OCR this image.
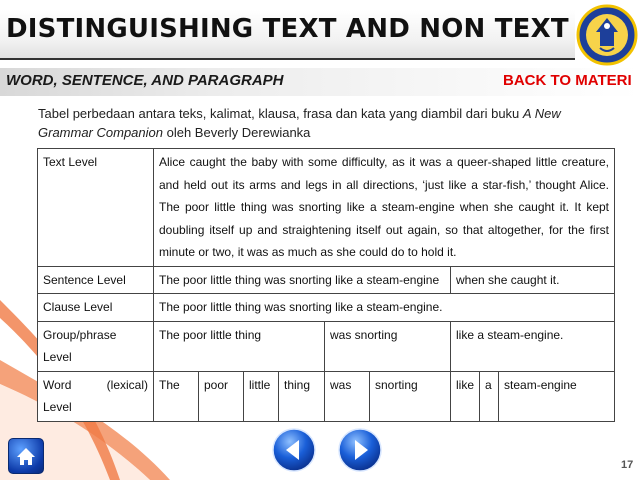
DISTINGUISHING TEXT AND NON TEXT
WORD, SENTENCE, AND PARAGRAPH	BACK TO MATERI
Tabel perbedaan antara teks, kalimat, klausa, frasa dan kata yang diambil dari buku A New Grammar Companion oleh Beverly Derewianka
Text Level	Alice caught the baby with some difficulty, as it was a queer-shaped little creature, and held out its arms and legs in all directions, ‘just like a star-fish,’ thought Alice. The poor little thing was snorting like a steam-engine when she caught it. It kept doubling itself up and straightening itself out again, so that altogether, for the first minute or two, it was as much as she could do to hold it.								
Sentence Level	The poor little thing was snorting like a steam-engine						when she caught it.		
Clause Level	The poor little thing was snorting like a steam-engine.								
Group/phrase Level	The poor little thing				was snorting		like a steam-engine.		

Word (lexical)
Level	The	poor	little	thing	was	snorting	like	a	steam-engine
17
